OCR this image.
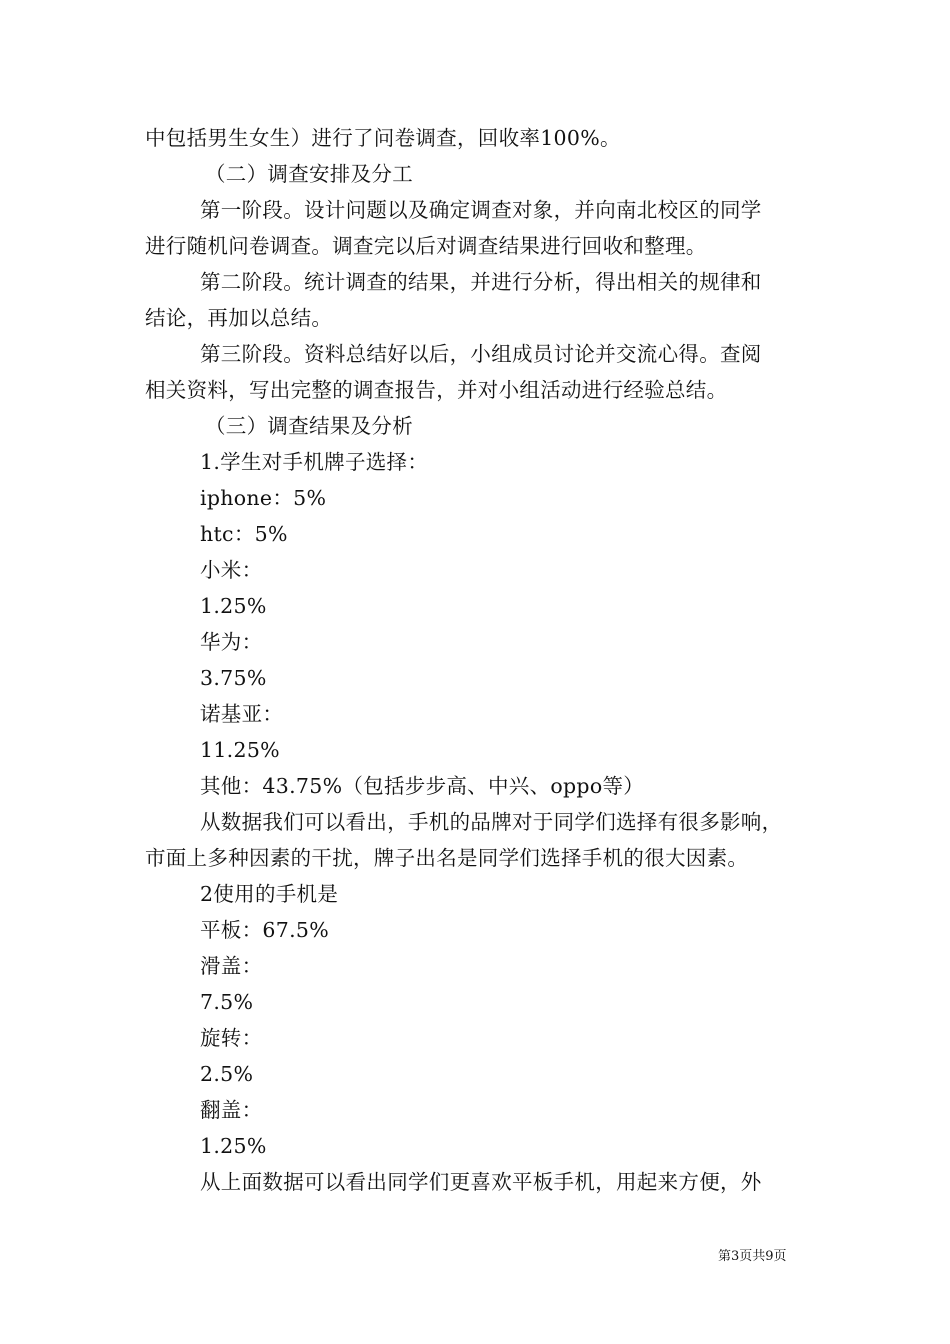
中包括男生女生）进行了问卷调查，回收率100%。
（二）调查安排及分工
第一阶段。设计问题以及确定调查对象，并向南北校区的同学
进行随机问卷调查。调查完以后对调查结果进行回收和整理。
第二阶段。统计调查的结果，并进行分析，得出相关的规律和
结论，再加以总结。
第三阶段。资料总结好以后，小组成员讨论并交流心得。查阅
相关资料，写出完整的调查报告，并对小组活动进行经验总结。
（三）调查结果及分析
1.学生对手机牌子选择：
iphone：5%
htc：5%
小米：
1.25%
华为：
3.75%
诺基亚：
11.25%
其他：43.75%（包括步步高、中兴、oppo等）
从数据我们可以看出，手机的品牌对于同学们选择有很多影响，
市面上多种因素的干扰，牌子出名是同学们选择手机的很大因素。
2使用的手机是
平板：67.5%
滑盖：
7.5%
旋转：
2.5%
翻盖：
1.25%
从上面数据可以看出同学们更喜欢平板手机，用起来方便，外
第3页共9页
